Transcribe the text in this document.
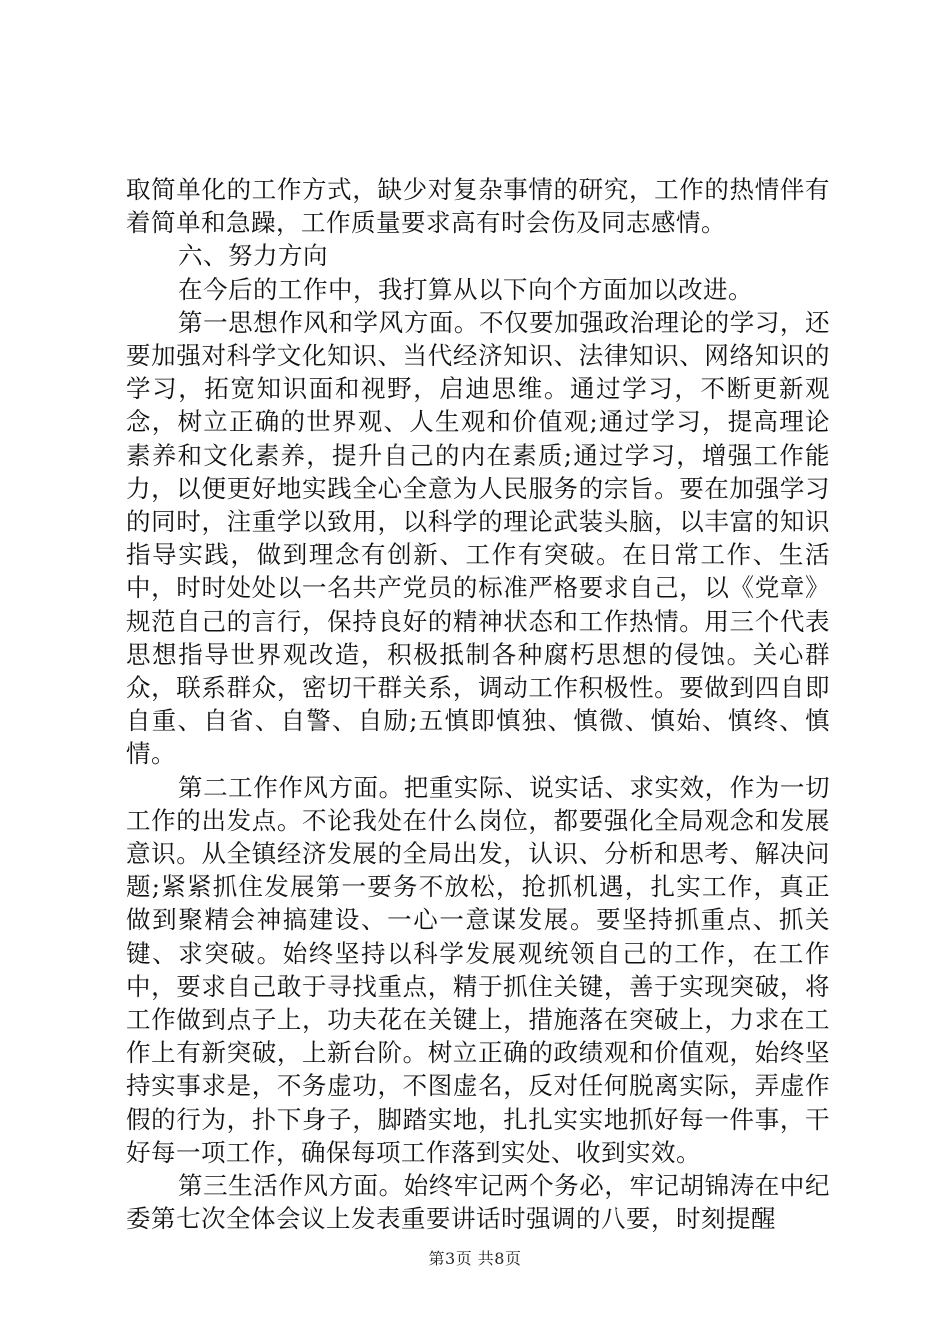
取简单化的工作方式，缺少对复杂事情的研究，工作的热情伴有着简单和急躁，工作质量要求高有时会伤及同志感情。

六、努力方向

在今后的工作中，我打算从以下向个方面加以改进。

第一思想作风和学风方面。不仅要加强政治理论的学习，还要加强对科学文化知识、当代经济知识、法律知识、网络知识的学习，拓宽知识面和视野，启迪思维。通过学习，不断更新观念，树立正确的世界观、人生观和价值观;通过学习，提高理论素养和文化素养，提升自己的内在素质;通过学习，增强工作能力，以便更好地实践全心全意为人民服务的宗旨。要在加强学习的同时，注重学以致用，以科学的理论武装头脑，以丰富的知识指导实践，做到理念有创新、工作有突破。在日常工作、生活中，时时处处以一名共产党员的标准严格要求自己，以《党章》规范自己的言行，保持良好的精神状态和工作热情。用三个代表思想指导世界观改造，积极抵制各种腐朽思想的侵蚀。关心群众，联系群众，密切干群关系，调动工作积极性。要做到四自即自重、自省、自警、自励;五慎即慎独、慎微、慎始、慎终、慎情。

第二工作作风方面。把重实际、说实话、求实效，作为一切工作的出发点。不论我处在什么岗位，都要强化全局观念和发展意识。从全镇经济发展的全局出发，认识、分析和思考、解决问题;紧紧抓住发展第一要务不放松，抢抓机遇，扎实工作，真正做到聚精会神搞建设、一心一意谋发展。要坚持抓重点、抓关键、求突破。始终坚持以科学发展观统领自己的工作，在工作中，要求自己敢于寻找重点，精于抓住关键，善于实现突破，将工作做到点子上，功夫花在关键上，措施落在突破上，力求在工作上有新突破，上新台阶。树立正确的政绩观和价值观，始终坚持实事求是，不务虚功，不图虚名，反对任何脱离实际，弄虚作假的行为，扑下身子，脚踏实地，扎扎实实地抓好每一件事，干好每一项工作，确保每项工作落到实处、收到实效。

第三生活作风方面。始终牢记两个务必，牢记胡锦涛在中纪委第七次全体会议上发表重要讲话时强调的八要，时刻提醒

第3页 共8页
